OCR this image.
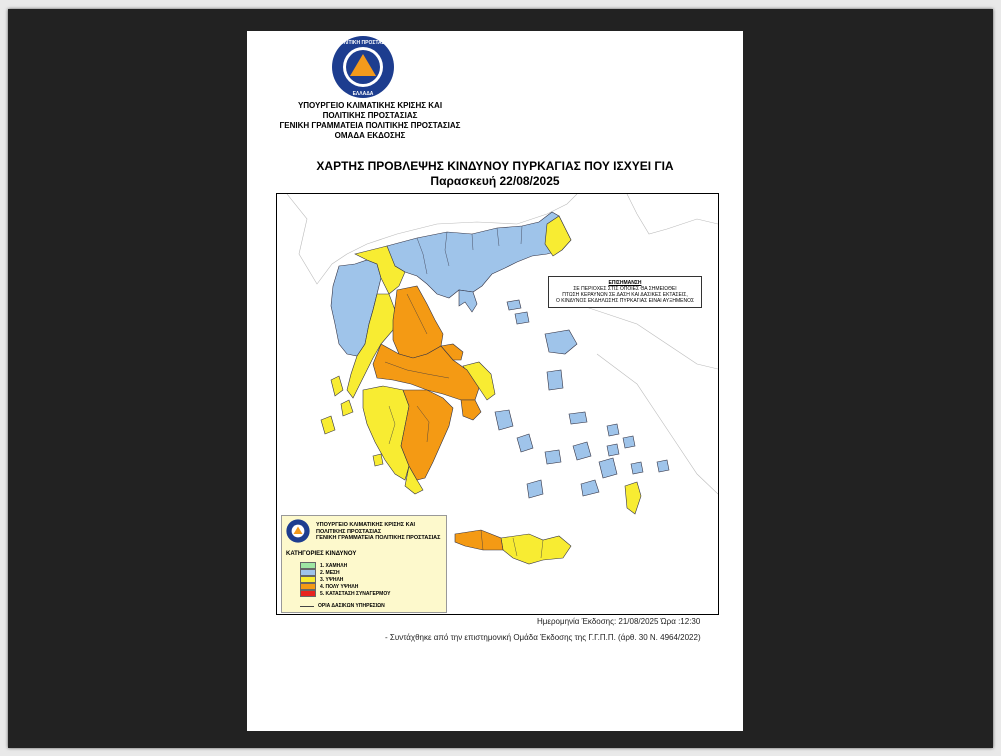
ΠΟΛΙΤΙΚΗ ΠΡΟΣΤΑΣΙΑ
ΕΛΛΑΔΑ
ΥΠΟΥΡΓΕΙΟ ΚΛΙΜΑΤΙΚΗΣ ΚΡΙΣΗΣ ΚΑΙ
ΠΟΛΙΤΙΚΗΣ ΠΡΟΣΤΑΣΙΑΣ
ΓΕΝΙΚΗ ΓΡΑΜΜΑΤΕΙΑ ΠΟΛΙΤΙΚΗΣ ΠΡΟΣΤΑΣΙΑΣ
ΟΜΑΔΑ ΕΚΔΟΣΗΣ
ΧΑΡΤΗΣ ΠΡΟΒΛΕΨΗΣ ΚΙΝΔΥΝΟΥ ΠΥΡΚΑΓΙΑΣ ΠΟΥ ΙΣΧΥΕΙ ΓΙΑ
Παρασκευή 22/08/2025
ΕΠΙΣΗΜΑΝΣΗ
ΣΕ ΠΕΡΙΟΧΕΣ ΣΤΙΣ ΟΠΟΙΕΣ ΘΑ ΣΗΜΕΙΩΘΕΙ
ΠΤΩΣΗ ΚΕΡΑΥΝΩΝ ΣΕ ΔΑΣΗ ΚΑΙ ΔΑΣΙΚΕΣ ΕΚΤΑΣΕΙΣ,
Ο ΚΙΝΔΥΝΟΣ ΕΚΔΗΛΩΣΗΣ ΠΥΡΚΑΓΙΑΣ ΕΙΝΑΙ ΑΥΞΗΜΕΝΟΣ
ΥΠΟΥΡΓΕΙΟ ΚΛΙΜΑΤΙΚΗΣ ΚΡΙΣΗΣ ΚΑΙ
ΠΟΛΙΤΙΚΗΣ ΠΡΟΣΤΑΣΙΑΣ
ΓΕΝΙΚΗ ΓΡΑΜΜΑΤΕΙΑ ΠΟΛΙΤΙΚΗΣ ΠΡΟΣΤΑΣΙΑΣ
ΚΑΤΗΓΟΡΙΕΣ ΚΙΝΔΥΝΟΥ
1. ΧΑΜΗΛΗ
2. ΜΕΣΗ
3. ΥΨΗΛΗ
4. ΠΟΛΥ ΥΨΗΛΗ
5. ΚΑΤΑΣΤΑΣΗ ΣΥΝΑΓΕΡΜΟΥ
ΟΡΙΑ ΔΑΣΙΚΩΝ ΥΠΗΡΕΣΙΩΝ
Ημερομηνία Έκδοσης: 21/08/2025 Ώρα :12:30
- Συντάχθηκε από την επιστημονική Ομάδα Έκδοσης της Γ.Γ.Π.Π. (άρθ. 30 Ν. 4964/2022)
